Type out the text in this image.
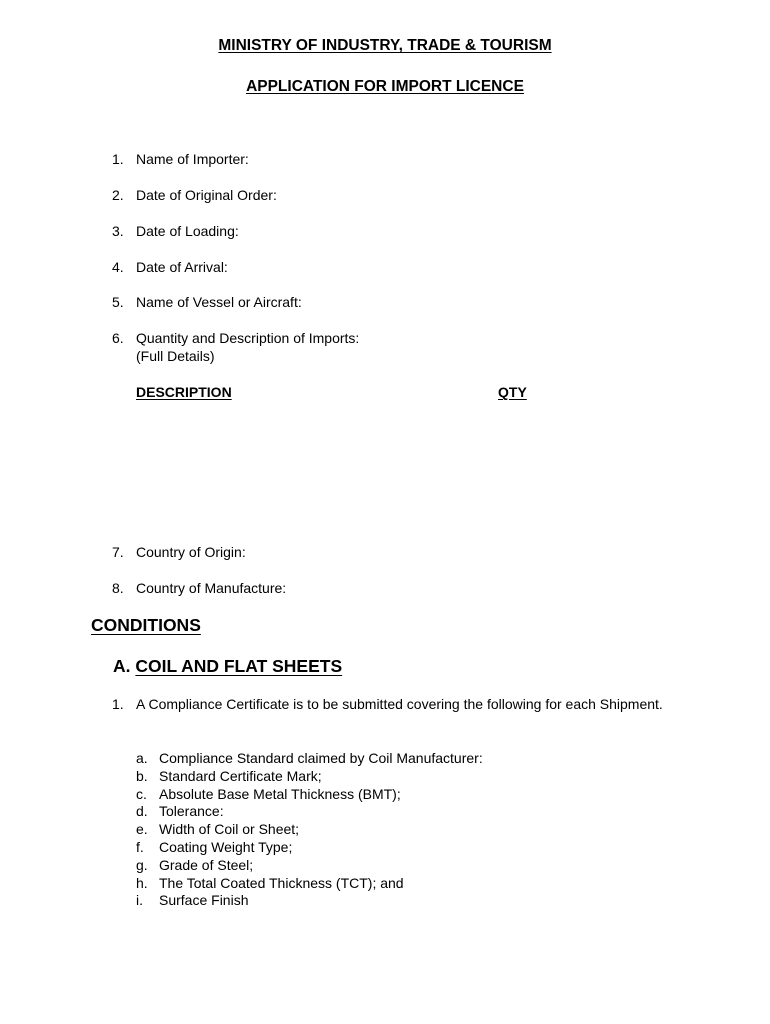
MINISTRY OF INDUSTRY, TRADE & TOURISM
APPLICATION FOR IMPORT LICENCE
1. Name of Importer:
2. Date of Original Order:
3. Date of Loading:
4. Date of Arrival:
5. Name of Vessel or Aircraft:
6. Quantity and Description of Imports:
(Full Details)
DESCRIPTION	QTY
7. Country of Origin:
8. Country of Manufacture:
CONDITIONS
A. COIL AND FLAT SHEETS
1. A Compliance Certificate is to be submitted covering the following for each Shipment.
a. Compliance Standard claimed by Coil Manufacturer:
b. Standard Certificate Mark;
c. Absolute Base Metal Thickness (BMT);
d. Tolerance:
e. Width of Coil or Sheet;
f. Coating Weight Type;
g. Grade of Steel;
h. The Total Coated Thickness (TCT); and
i. Surface Finish
